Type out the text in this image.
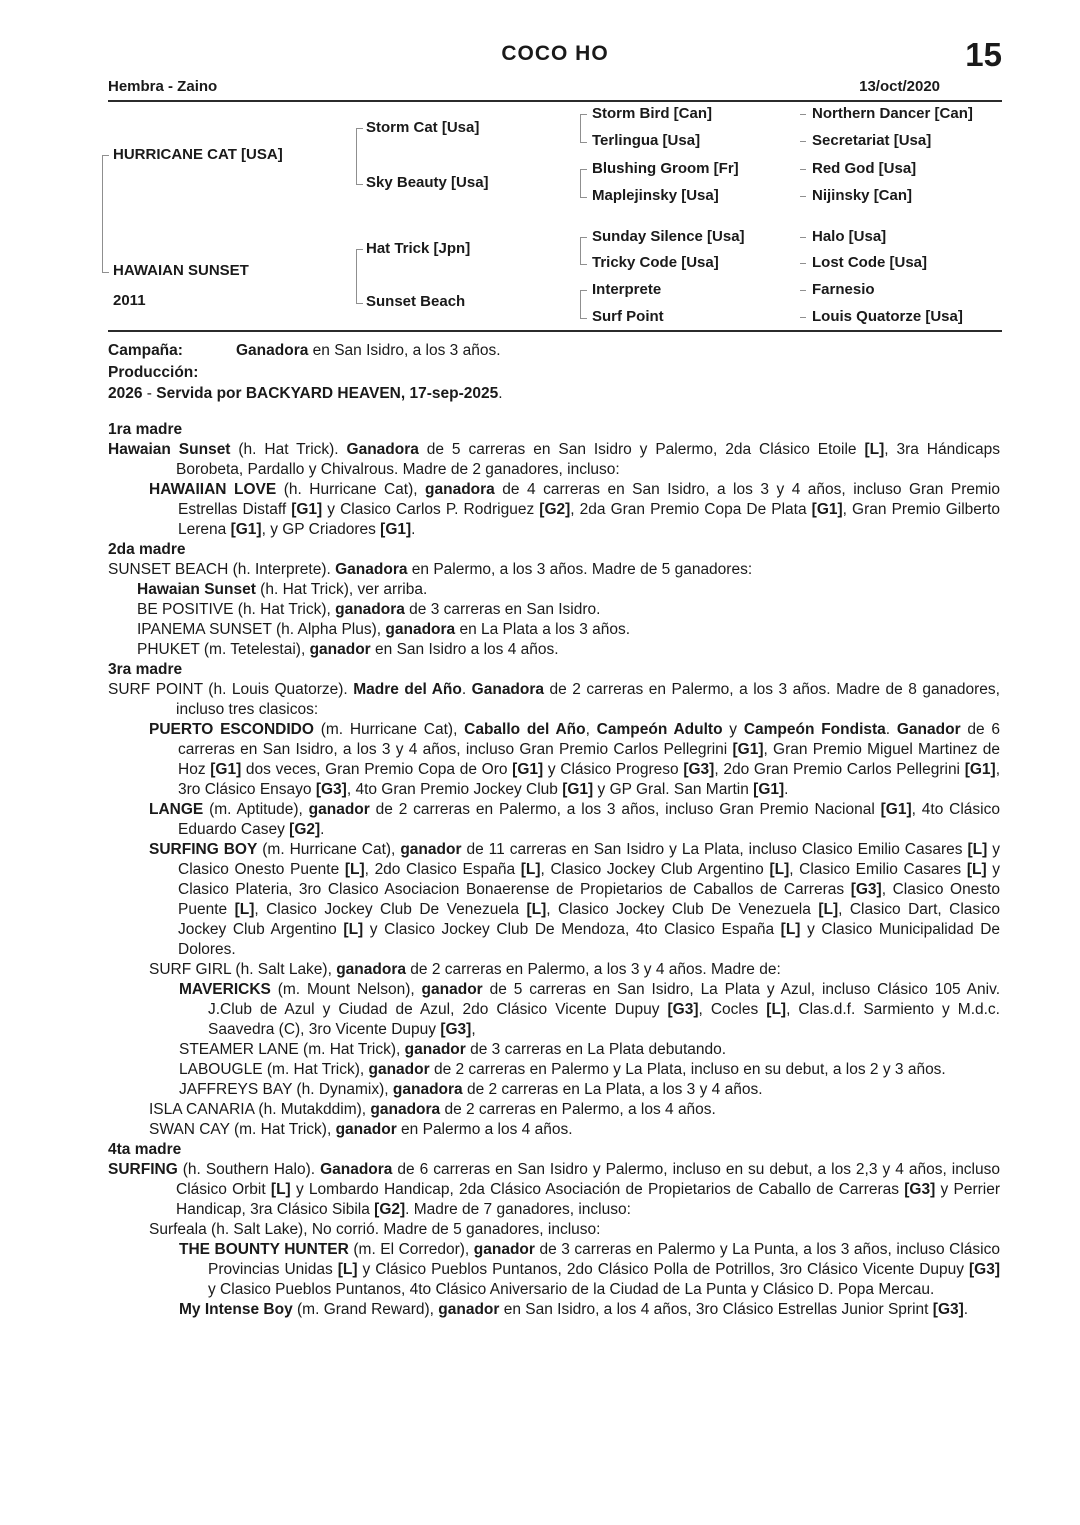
COCO HO	15
Hembra - Zaino	13/oct/2020
HURRICANE CAT [USA]
HAWAIAN SUNSET
2011
Storm Cat [Usa]
Sky Beauty [Usa]
Hat Trick [Jpn]
Sunset Beach
Storm Bird [Can]
Terlingua [Usa]
Blushing Groom [Fr]
Maplejinsky [Usa]
Sunday Silence [Usa]
Tricky Code [Usa]
Interprete
Surf Point
Northern Dancer [Can]
Secretariat [Usa]
Red God [Usa]
Nijinsky [Can]
Halo [Usa]
Lost Code [Usa]
Farnesio
Louis Quatorze [Usa]
Campaña:	Ganadora en San Isidro, a los 3 años.
Producción:
2026 - Servida por BACKYARD HEAVEN, 17-sep-2025.

1ra madre

Hawaian Sunset (h. Hat Trick). Ganadora de 5 carreras en San Isidro y Palermo, 2da Clásico Etoile [L], 3ra Hándicaps Borobeta, Pardallo y Chivalrous. Madre de 2 ganadores, incluso:

HAWAIIAN LOVE (h. Hurricane Cat), ganadora de 4 carreras en San Isidro, a los 3 y 4 años, incluso Gran Premio Estrellas Distaff [G1] y Clasico Carlos P. Rodriguez [G2], 2da Gran Premio Copa De Plata [G1], Gran Premio Gilberto Lerena [G1], y GP Criadores [G1].

2da madre

SUNSET BEACH (h. Interprete). Ganadora en Palermo, a los 3 años. Madre de 5 ganadores:

Hawaian Sunset (h. Hat Trick), ver arriba.

BE POSITIVE (h. Hat Trick), ganadora de 3 carreras en San Isidro.

IPANEMA SUNSET (h. Alpha Plus), ganadora en La Plata a los 3 años.

PHUKET (m. Tetelestai), ganador en San Isidro a los 4 años.

3ra madre

SURF POINT (h. Louis Quatorze). Madre del Año. Ganadora de 2 carreras en Palermo, a los 3 años. Madre de 8 ganadores, incluso tres clasicos:

PUERTO ESCONDIDO (m. Hurricane Cat), Caballo del Año, Campeón Adulto y Campeón Fondista. Ganador de 6 carreras en San Isidro, a los 3 y 4 años, incluso Gran Premio Carlos Pellegrini [G1], Gran Premio Miguel Martinez de Hoz [G1] dos veces, Gran Premio Copa de Oro [G1] y Clásico Progreso [G3], 2do Gran Premio Carlos Pellegrini [G1], 3ro Clásico Ensayo [G3], 4to Gran Premio Jockey Club [G1] y GP Gral. San Martin [G1].

LANGE (m. Aptitude), ganador de 2 carreras en Palermo, a los 3 años, incluso Gran Premio Nacional [G1], 4to Clásico Eduardo Casey [G2].

SURFING BOY (m. Hurricane Cat), ganador de 11 carreras en San Isidro y La Plata, incluso Clasico Emilio Casares [L] y Clasico Onesto Puente [L], 2do Clasico España [L], Clasico Jockey Club Argentino [L], Clasico Emilio Casares [L] y Clasico Plateria, 3ro Clasico Asociacion Bonaerense de Propietarios de Caballos de Carreras [G3], Clasico Onesto Puente [L], Clasico Jockey Club De Venezuela [L], Clasico Jockey Club De Venezuela [L], Clasico Dart, Clasico Jockey Club Argentino [L] y Clasico Jockey Club De Mendoza, 4to Clasico España [L] y Clasico Municipalidad De Dolores.

SURF GIRL (h. Salt Lake), ganadora de 2 carreras en Palermo, a los 3 y 4 años. Madre de:

MAVERICKS (m. Mount Nelson), ganador de 5 carreras en San Isidro, La Plata y Azul, incluso Clásico 105 Aniv. J.Club de Azul y Ciudad de Azul, 2do Clásico Vicente Dupuy [G3], Cocles [L], Clas.d.f. Sarmiento y M.d.c. Saavedra (C), 3ro Vicente Dupuy [G3],

STEAMER LANE (m. Hat Trick), ganador de 3 carreras en La Plata debutando.

LABOUGLE (m. Hat Trick), ganador de 2 carreras en Palermo y La Plata, incluso en su debut, a los 2 y 3 años.

JAFFREYS BAY (h. Dynamix), ganadora de 2 carreras en La Plata, a los 3 y 4 años.

ISLA CANARIA (h. Mutakddim), ganadora de 2 carreras en Palermo, a los 4 años.

SWAN CAY (m. Hat Trick), ganador en Palermo a los 4 años.

4ta madre

SURFING (h. Southern Halo). Ganadora de 6 carreras en San Isidro y Palermo, incluso en su debut, a los 2,3 y 4 años, incluso Clásico Orbit [L] y Lombardo Handicap, 2da Clásico Asociación de Propietarios de Caballo de Carreras [G3] y Perrier Handicap, 3ra Clásico Sibila [G2]. Madre de 7 ganadores, incluso:

Surfeala (h. Salt Lake), No corrió. Madre de 5 ganadores, incluso:

THE BOUNTY HUNTER (m. El Corredor), ganador de 3 carreras en Palermo y La Punta, a los 3 años, incluso Clásico Provincias Unidas [L] y Clásico Pueblos Puntanos, 2do Clásico Polla de Potrillos, 3ro Clásico Vicente Dupuy [G3] y Clasico Pueblos Puntanos, 4to Clásico Aniversario de la Ciudad de La Punta y Clásico D. Popa Mercau.

My Intense Boy (m. Grand Reward), ganador en San Isidro, a los 4 años, 3ro Clásico Estrellas Junior Sprint [G3].
